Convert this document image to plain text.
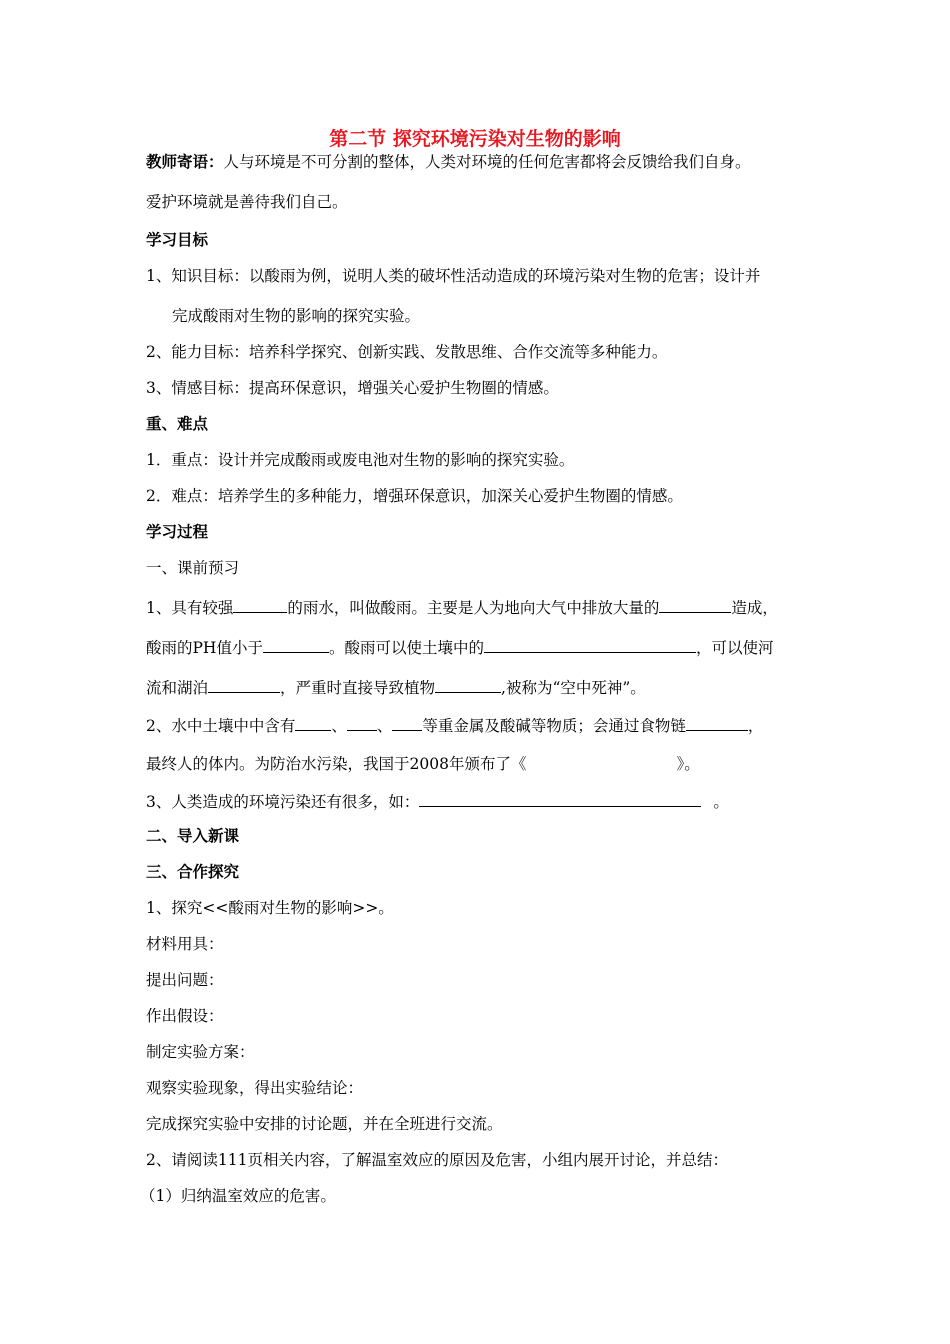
第二节 探究环境污染对生物的影响
教师寄语：人与环境是不可分割的整体，人类对环境的任何危害都将会反馈给我们自身。
爱护环境就是善待我们自己。
学习目标
1、知识目标：以酸雨为例，说明人类的破坏性活动造成的环境污染对生物的危害；设计并
完成酸雨对生物的影响的探究实验。
2、能力目标：培养科学探究、创新实践、发散思维、合作交流等多种能力。
3、情感目标：提高环保意识，增强关心爱护生物圈的情感。
重、难点
1．重点：设计并完成酸雨或废电池对生物的影响的探究实验。
2．难点：培养学生的多种能力，增强环保意识，加深关心爱护生物圈的情感。
学习过程
一、课前预习
1、具有较强	的雨水，叫做酸雨。主要是人为地向大气中排放大量的	造成，
酸雨的PH值小于	。酸雨可以使土壤中的	，可以使河
流和湖泊	，严重时直接导致植物	,被称为“空中死神”。
2、水中土壤中中含有 、 、 等重金属及酸碱等物质；会通过食物链	，
最终人的体内。为防治水污染，我国于2008年颁布了《	》。
3、人类造成的环境污染还有很多，如：	。
二、导入新课
三、合作探究
1、探究<<酸雨对生物的影响>>。
材料用具：
提出问题：
作出假设：
制定实验方案：
观察实验现象，得出实验结论：
完成探究实验中安排的讨论题，并在全班进行交流。
2、请阅读111页相关内容，了解温室效应的原因及危害，小组内展开讨论，并总结：
（1）归纳温室效应的危害。
